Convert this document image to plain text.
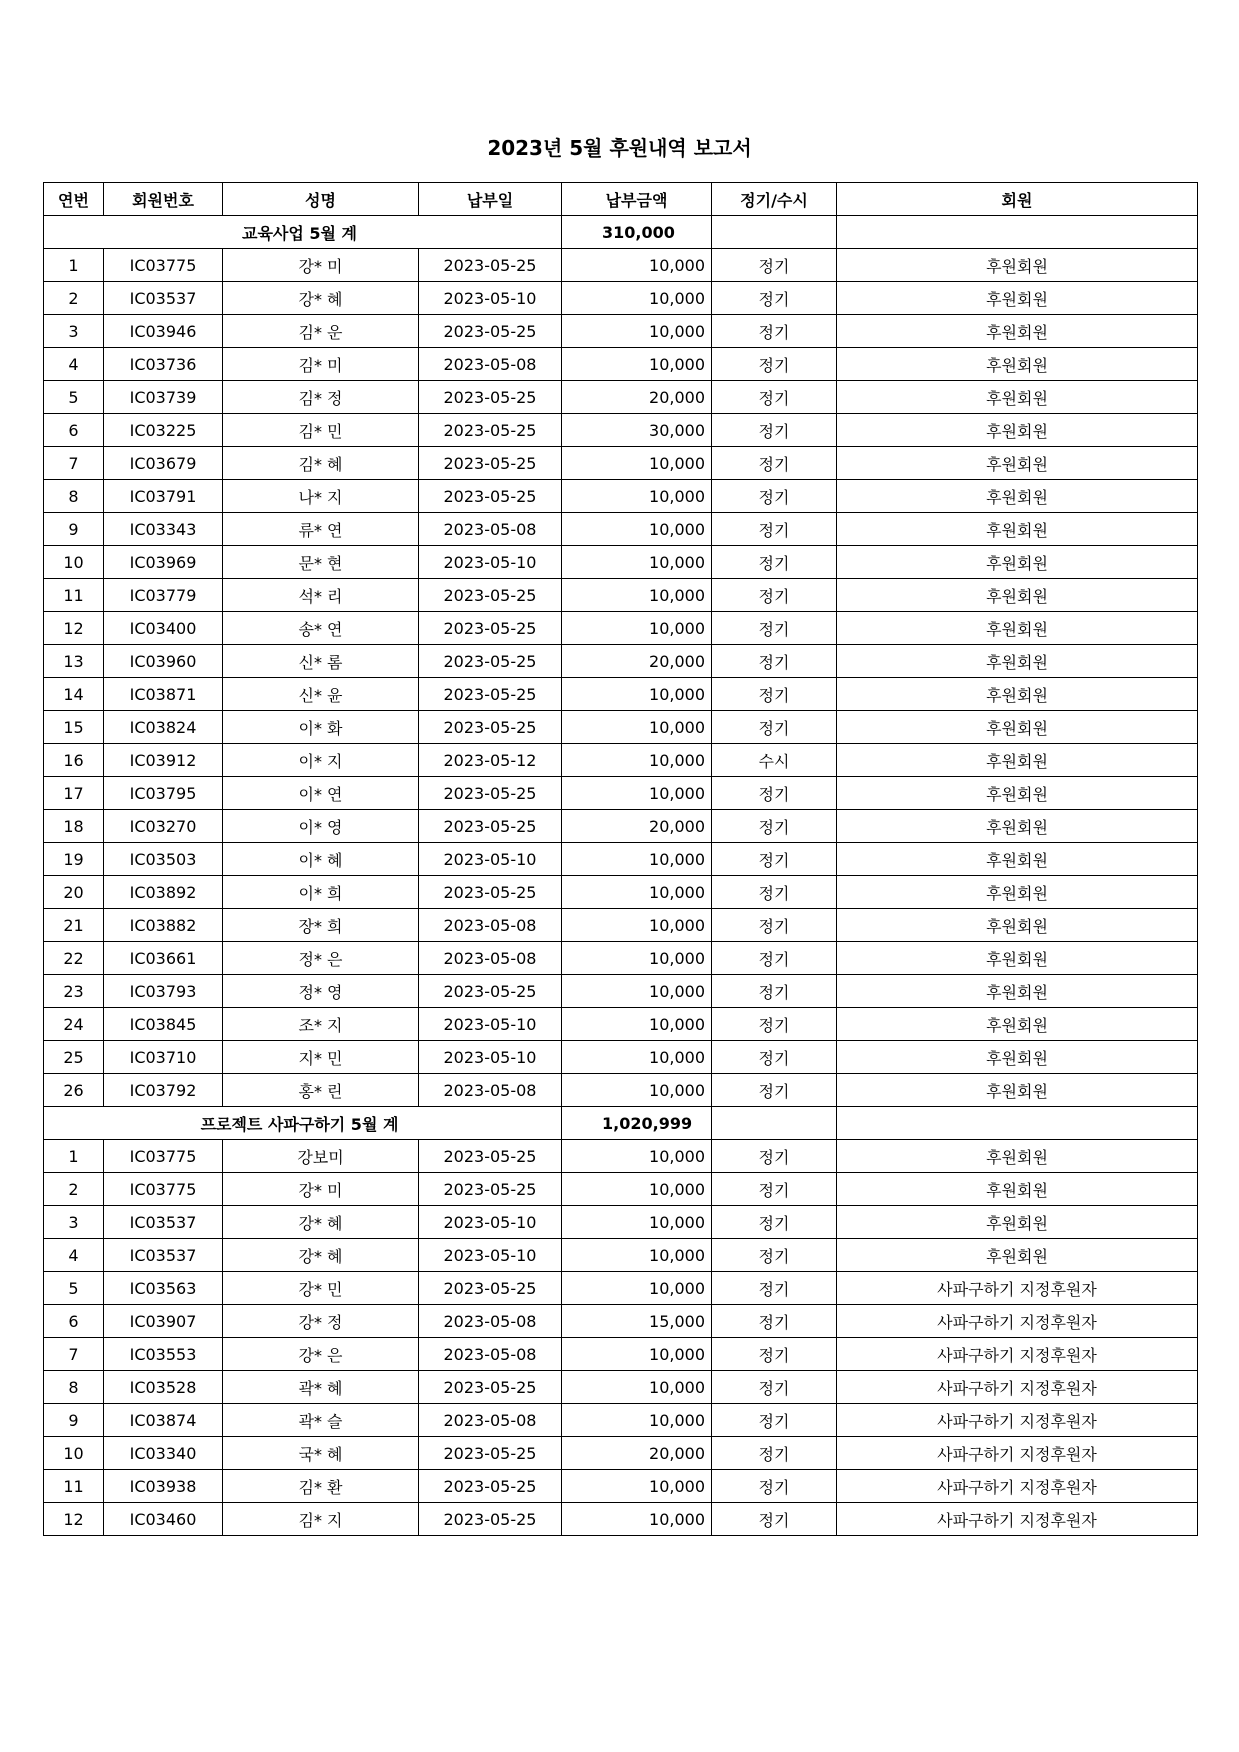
2023년 5월 후원내역 보고서
연번	회원번호	성명	납부일	납부금액	정기/수시	회원
교육사업 5월 계				310,000		
1	IC03775	강* 미	2023-05-25	10,000	정기	후원회원
2	IC03537	강* 혜	2023-05-10	10,000	정기	후원회원
3	IC03946	김* 운	2023-05-25	10,000	정기	후원회원
4	IC03736	김* 미	2023-05-08	10,000	정기	후원회원
5	IC03739	김* 정	2023-05-25	20,000	정기	후원회원
6	IC03225	김* 민	2023-05-25	30,000	정기	후원회원
7	IC03679	김* 혜	2023-05-25	10,000	정기	후원회원
8	IC03791	나* 지	2023-05-25	10,000	정기	후원회원
9	IC03343	류* 연	2023-05-08	10,000	정기	후원회원
10	IC03969	문* 현	2023-05-10	10,000	정기	후원회원
11	IC03779	석* 리	2023-05-25	10,000	정기	후원회원
12	IC03400	송* 연	2023-05-25	10,000	정기	후원회원
13	IC03960	신* 롬	2023-05-25	20,000	정기	후원회원
14	IC03871	신* 윤	2023-05-25	10,000	정기	후원회원
15	IC03824	이* 화	2023-05-25	10,000	정기	후원회원
16	IC03912	이* 지	2023-05-12	10,000	수시	후원회원
17	IC03795	이* 연	2023-05-25	10,000	정기	후원회원
18	IC03270	이* 영	2023-05-25	20,000	정기	후원회원
19	IC03503	이* 혜	2023-05-10	10,000	정기	후원회원
20	IC03892	이* 희	2023-05-25	10,000	정기	후원회원
21	IC03882	장* 희	2023-05-08	10,000	정기	후원회원
22	IC03661	정* 은	2023-05-08	10,000	정기	후원회원
23	IC03793	정* 영	2023-05-25	10,000	정기	후원회원
24	IC03845	조* 지	2023-05-10	10,000	정기	후원회원
25	IC03710	지* 민	2023-05-10	10,000	정기	후원회원
26	IC03792	홍* 린	2023-05-08	10,000	정기	후원회원
프로젝트 사파구하기 5월 계				1,020,999		
1	IC03775	강보미	2023-05-25	10,000	정기	후원회원
2	IC03775	강* 미	2023-05-25	10,000	정기	후원회원
3	IC03537	강* 혜	2023-05-10	10,000	정기	후원회원
4	IC03537	강* 혜	2023-05-10	10,000	정기	후원회원
5	IC03563	강* 민	2023-05-25	10,000	정기	사파구하기 지정후원자
6	IC03907	강* 정	2023-05-08	15,000	정기	사파구하기 지정후원자
7	IC03553	강* 은	2023-05-08	10,000	정기	사파구하기 지정후원자
8	IC03528	곽* 혜	2023-05-25	10,000	정기	사파구하기 지정후원자
9	IC03874	곽* 슬	2023-05-08	10,000	정기	사파구하기 지정후원자
10	IC03340	국* 혜	2023-05-25	20,000	정기	사파구하기 지정후원자
11	IC03938	김* 환	2023-05-25	10,000	정기	사파구하기 지정후원자
12	IC03460	김* 지	2023-05-25	10,000	정기	사파구하기 지정후원자
